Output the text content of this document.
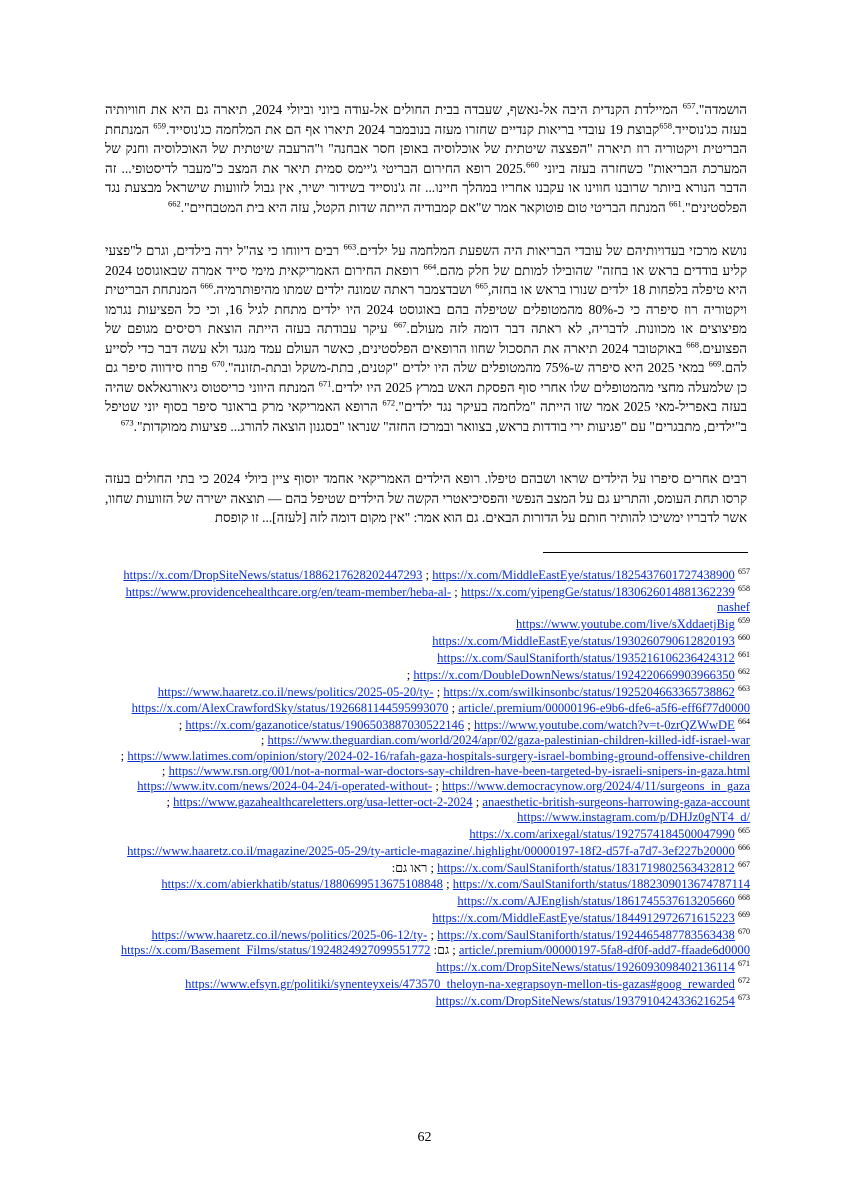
הושמדה".$^{657}$ המיילדת הקנדית היבה אל-נאשף, שעבדה בבית החולים אל-עודה ביוני וביולי 2024, תיארה גם היא את חוויותיה בעזה כג'נוסייד.$^{658}$קבוצת 19 עובדי בריאות קנדיים שחזרו מעזה בנובמבר 2024 תיארו אף הם את המלחמה כג'נוסייד.$^{659}$ המנתחת הבריטית ויקטוריה רוז תיארה "הפצצה שיטתית של אוכלוסיה באופן חסר אבחנה" ו"הרעבה שיטתית של האוכלוסיה וחנק של המערכת הבריאות" כשחזרה בעזה ביוני 2025.$^{660}$ רופא החירום הבריטי ג'יימס סמית תיאר את המצב כ"מעבר לדיסטופי... זה הדבר הנורא ביותר שרובנו חווינו או עקבנו אחריו במהלך חיינו... זה ג'נוסייד בשידור ישיר, אין גבול לזוועות שישראל מבצעת נגד הפלסטינים".$^{661}$ המנתח הבריטי טום פוטוקאר אמר ש"אם קמבודיה הייתה שדות הקטל, עזה היא בית המטבחיים".$^{662}$

נושא מרכזי בעדויותיהם של עובדי הבריאות היה השפעת המלחמה על ילדים.$^{663}$ רבים דיווחו כי צה"ל ירה בילדים, וגרם ל"פצעי קליע בודדים בראש או בחזה" שהובילו למותם של חלק מהם.$^{664}$ רופאת החירום האמריקאית מימי סייד אמרה שבאוגוסט 2024 היא טיפלה בלפחות 18 ילדים שנורו בראש או בחזה,$^{665}$ ושבדצמבר ראתה שמונה ילדים שמתו מהיפותרמיה.$^{666}$ המנתחת הבריטית ויקטוריה רוז סיפרה כי כ-80% מהמטופלים שטיפלה בהם באוגוסט 2024 היו ילדים מתחת לגיל 16, וכי כל הפציעות נגרמו מפיצוצים או מכוונות. לדבריה, לא ראתה דבר דומה לזה מעולם.$^{667}$ עיקר עבודתה בעזה הייתה הוצאת רסיסים מגופם של הפצועים.$^{668}$ באוקטובר 2024 תיארה את התסכול שחוו הרופאים הפלסטינים, כאשר העולם עמד מנגד ולא עשה דבר כדי לסייע להם.$^{669}$ במאי 2025 היא סיפרה ש-75% מהמטופלים שלה היו ילדים "קטנים, בתת-משקל ובתת-תזונה".$^{670}$ פרוז סידווה סיפר גם כן שלמעלה מחצי מהמטופלים שלו אחרי סוף הפסקת האש במרץ 2025 היו ילדים.$^{671}$ המנתח היווני כריסטוס גיאורגאלאס שהיה בעזה באפריל-מאי 2025 אמר שזו הייתה "מלחמה בעיקר נגד ילדים".$^{672}$ הרופא האמריקאי מרק בראונר סיפר בסוף יוני שטיפל ב"ילדים, מתבגרים" עם "פגיעות ירי בודדות בראש, בצוואר ובמרכז החזה" שנראו "בסגנון הוצאה להורג... פציעות ממוקדות".$^{673}$

רבים אחרים סיפרו על הילדים שראו ושבהם טיפלו. רופא הילדים האמריקאי אחמד יוסוף ציין ביולי 2024 כי בתי החולים בעזה קרסו תחת העומס, והתריע גם על המצב הנפשי והפסיכיאטרי הקשה של הילדים שטיפל בהם — תוצאה ישירה של הזוועות שחוו, אשר לדבריו ימשיכו להותיר חותם על הדורות הבאים. גם הוא אמר: "אין מקום דומה לזה [לעזה]... זו קופסת

$^{657}$ https://x.com/MiddleEastEye/status/1825437601727438900 ; https://x.com/DropSiteNews/status/1886217628202447293

$^{658}$ https://x.com/yipengGe/status/1830626014881362239 ; https://www.providencehealthcare.org/en/team-member/heba-al-nashef

$^{659}$ https://www.youtube.com/live/sXddaetjBig

$^{660}$ https://x.com/MiddleEastEye/status/1930260790612820193

$^{661}$ https://x.com/SaulStaniforth/status/1935216106236424312

$^{662}$ https://x.com/DoubleDownNews/status/1924220669903966350 ;

$^{663}$ https://x.com/swilkinsonbc/status/1925204663365738862 ; https://www.haaretz.co.il/news/politics/2025-05-20/ty-article/.premium/00000196-e9b6-dfe6-a5f6-eff6f77d0000 ; https://x.com/AlexCrawfordSky/status/1926681144595993070

$^{664}$ https://www.youtube.com/watch?v=t-0zrQZWwDE ; https://x.com/gazanotice/status/1906503887030522146 ; https://www.theguardian.com/world/2024/apr/02/gaza-palestinian-children-killed-idf-israel-war ; https://www.latimes.com/opinion/story/2024-02-16/rafah-gaza-hospitals-surgery-israel-bombing-ground-offensive-children ; https://www.rsn.org/001/not-a-normal-war-doctors-say-children-have-been-targeted-by-israeli-snipers-in-gaza.html ; https://www.democracynow.org/2024/4/11/surgeons_in_gaza ; https://www.itv.com/news/2024-04-24/i-operated-without-anaesthetic-british-surgeons-harrowing-gaza-account ; https://www.gazahealthcareletters.org/usa-letter-oct-2-2024 ; https://www.instagram.com/p/DHJz0gNT4_d/

$^{665}$ https://x.com/arixegal/status/1927574184500047990

$^{666}$ https://www.haaretz.co.il/magazine/2025-05-29/ty-article-magazine/.highlight/00000197-18f2-d57f-a7d7-3ef227b20000

$^{667}$ https://x.com/SaulStaniforth/status/1831719802563432812 ; ראו גם: https://x.com/SaulStaniforth/status/1882309013674787114 ; https://x.com/abierkhatib/status/1880699513675108848

$^{668}$ https://x.com/AJEnglish/status/1861745537613205660

$^{669}$ https://x.com/MiddleEastEye/status/1844912972671615223

$^{670}$ https://x.com/SaulStaniforth/status/1924465487783563438 ; https://www.haaretz.co.il/news/politics/2025-06-12/ty-article/.premium/00000197-5fa8-df0f-add7-ffaade6d0000 ; גם: https://x.com/Basement_Films/status/1924824927099551772

$^{671}$ https://x.com/DropSiteNews/status/1926093098402136114

$^{672}$ https://www.efsyn.gr/politiki/synenteyxeis/473570_theloyn-na-xegrapsoyn-mellon-tis-gazas#goog_rewarded

$^{673}$ https://x.com/DropSiteNews/status/1937910424336216254

62
